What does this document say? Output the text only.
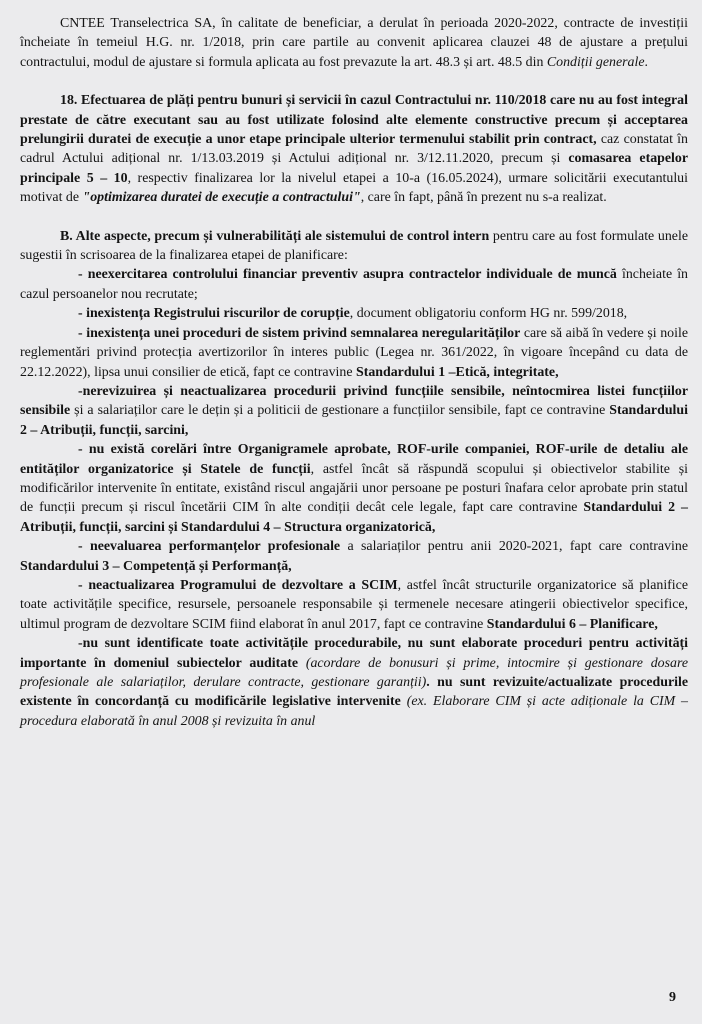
CNTEE Transelectrica SA, în calitate de beneficiar, a derulat în perioada 2020-2022, contracte de investiții încheiate în temeiul H.G. nr. 1/2018, prin care partile au convenit aplicarea clauzei 48 de ajustare a prețului contractului, modul de ajustare si formula aplicata au fost prevazute la art. 48.3 și art. 48.5 din Condiții generale.

18. Efectuarea de plăți pentru bunuri și servicii în cazul Contractului nr. 110/2018 care nu au fost integral prestate de către executant sau au fost utilizate folosind alte elemente constructive precum și acceptarea prelungirii duratei de execuție a unor etape principale ulterior termenului stabilit prin contract, caz constatat în cadrul Actului adițional nr. 1/13.03.2019 și Actului adițional nr. 3/12.11.2020, precum și comasarea etapelor principale 5 – 10, respectiv finalizarea lor la nivelul etapei a 10-a (16.05.2024), urmare solicitării executantului motivat de "optimizarea duratei de execuție a contractului", care în fapt, până în prezent nu s-a realizat.

B. Alte aspecte, precum și vulnerabilități ale sistemului de control intern pentru care au fost formulate unele sugestii în scrisoarea de la finalizarea etapei de planificare:

- neexercitarea controlului financiar preventiv asupra contractelor individuale de muncă încheiate în cazul persoanelor nou recrutate;

- inexistența Registrului riscurilor de corupție, document obligatoriu conform HG nr. 599/2018,

- inexistența unei proceduri de sistem privind semnalarea neregularităților care să aibă în vedere și noile reglementări privind protecția avertizorilor în interes public (Legea nr. 361/2022, în vigoare începând cu data de 22.12.2022), lipsa unui consilier de etică, fapt ce contravine Standardului 1 –Etică, integritate,

-nerevizuirea și neactualizarea procedurii privind funcțiile sensibile, neîntocmirea listei funcțiilor sensibile și a salariaților care le dețin și a politicii de gestionare a funcțiilor sensibile, fapt ce contravine Standardului 2 – Atribuții, funcții, sarcini,

- nu există corelări între Organigramele aprobate, ROF-urile companiei, ROF-urile de detaliu ale entităților organizatorice și Statele de funcții, astfel încât să răspundă scopului și obiectivelor stabilite și modificărilor intervenite în entitate, existând riscul angajării unor persoane pe posturi înafara celor aprobate prin statul de funcții precum și riscul încetării CIM în alte condiții decât cele legale, fapt care contravine Standardului 2 – Atribuții, funcții, sarcini și Standardului 4 – Structura organizatorică,

- neevaluarea performanțelor profesionale a salariaților pentru anii 2020-2021, fapt care contravine Standardului 3 – Competență și Performanță,

- neactualizarea Programului de dezvoltare a SCIM, astfel încât structurile organizatorice să planifice toate activitățile specifice, resursele, persoanele responsabile și termenele necesare atingerii obiectivelor specifice, ultimul program de dezvoltare SCIM fiind elaborat în anul 2017, fapt ce contravine Standardului 6 – Planificare,

-nu sunt identificate toate activitățile procedurabile, nu sunt elaborate proceduri pentru activități importante în domeniul subiectelor auditate (acordare de bonusuri și prime, intocmire și gestionare dosare profesionale ale salariaților, derulare contracte, gestionare garanții). nu sunt revizuite/actualizate procedurile existente în concordanță cu modificările legislative intervenite (ex. Elaborare CIM și acte adiționale la CIM – procedura elaborată în anul 2008 și revizuita în anul

9
